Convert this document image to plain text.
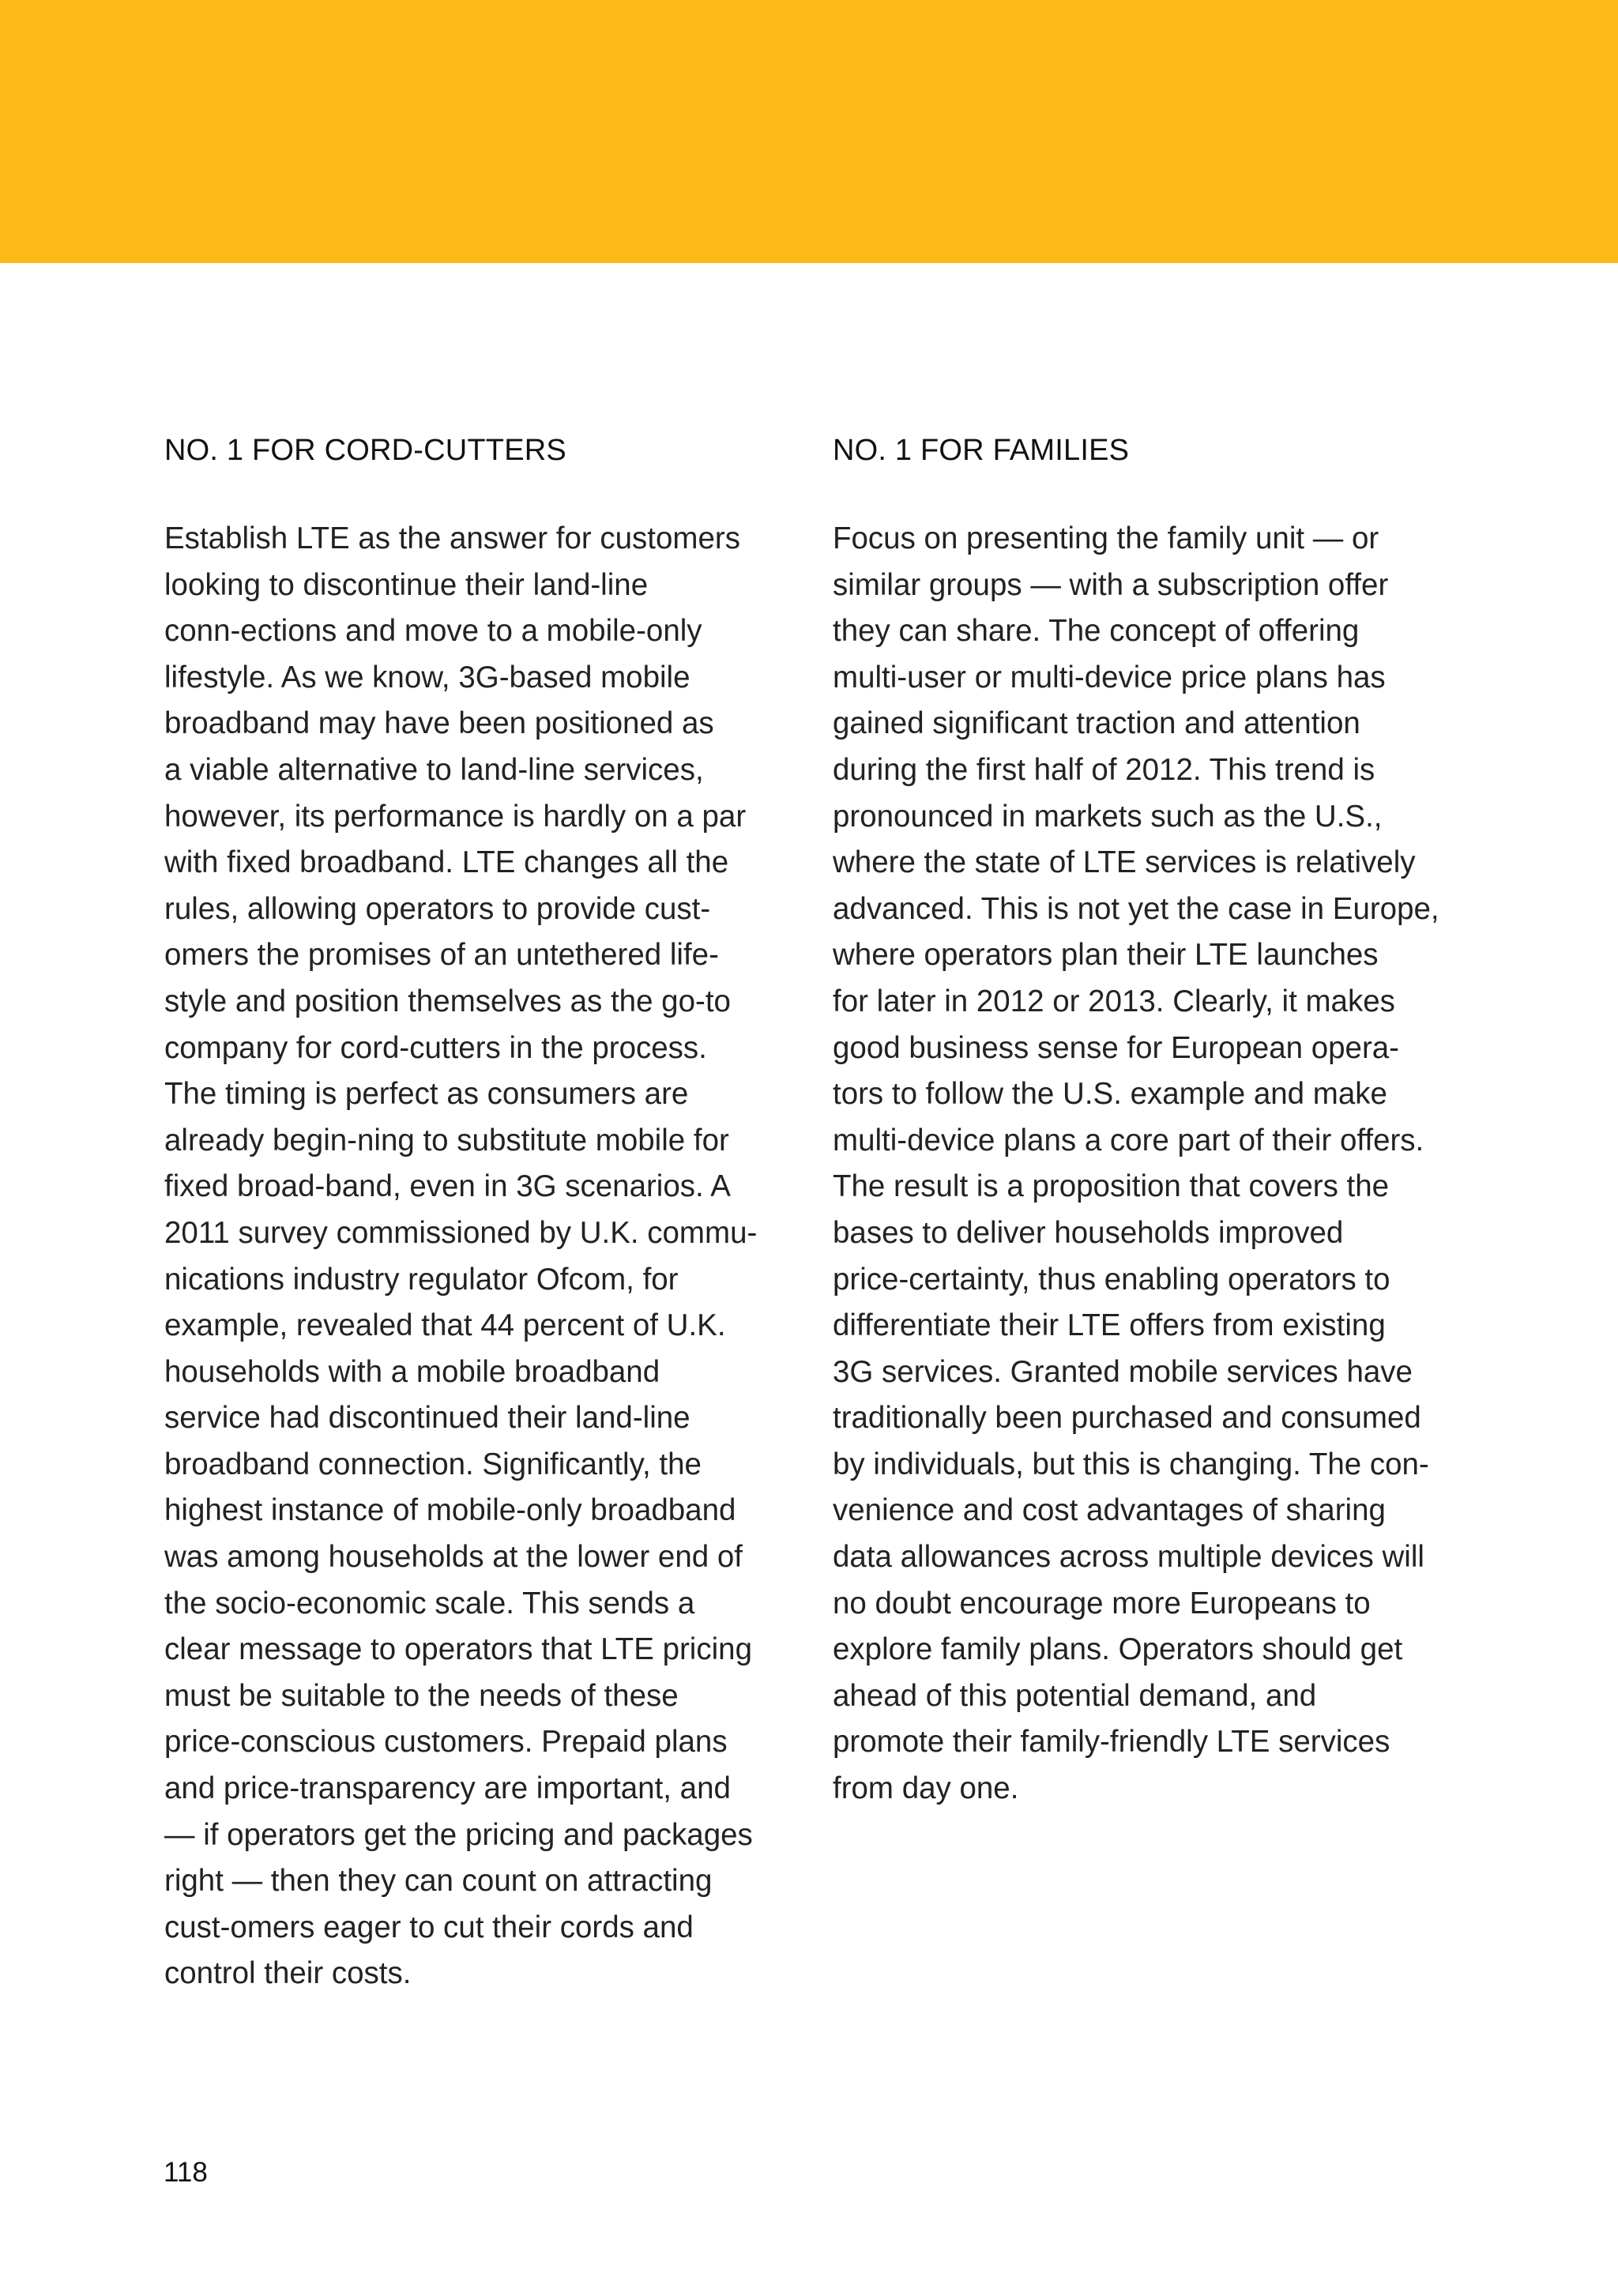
NO. 1 FOR CORD-CUTTERS

Establish LTE as the answer for customers
looking to discontinue their land-line
conn-ections and move to a mobile-only
lifestyle. As we know, 3G-based mobile
broadband may have been positioned as
a viable alternative to land-line services,
however, its performance is hardly on a par
with fixed broadband. LTE changes all the
rules, allowing operators to provide cust-
omers the promises of an untethered life-
style and position themselves as the go-to
company for cord-cutters in the process.
The timing is perfect as consumers are
already begin-ning to substitute mobile for
fixed broad-band, even in 3G scenarios. A
2011 survey commissioned by U.K. commu-
nications industry regulator Ofcom, for
example, revealed that 44 percent of U.K.
households with a mobile broadband
service had discontinued their land-line
broadband connection. Significantly, the
highest instance of mobile-only broadband
was among households at the lower end of
the socio-economic scale. This sends a
clear message to operators that LTE pricing
must be suitable to the needs of these
price-conscious customers. Prepaid plans
and price-transparency are important, and
— if operators get the pricing and packages
right — then they can count on attracting
cust-omers eager to cut their cords and
control their costs.

NO. 1 FOR FAMILIES

Focus on presenting the family unit — or
similar groups — with a subscription offer
they can share. The concept of offering
multi-user or multi-device price plans has
gained significant traction and attention
during the first half of 2012. This trend is
pronounced in markets such as the U.S.,
where the state of LTE services is relatively
advanced. This is not yet the case in Europe,
where operators plan their LTE launches
for later in 2012 or 2013. Clearly, it makes
good business sense for European opera-
tors to follow the U.S. example and make
multi-device plans a core part of their offers.
The result is a proposition that covers the
bases to deliver households improved
price-certainty, thus enabling operators to
differentiate their LTE offers from existing
3G services. Granted mobile services have
traditionally been purchased and consumed
by individuals, but this is changing. The con-
venience and cost advantages of sharing
data allowances across multiple devices will
no doubt encourage more Europeans to
explore family plans. Operators should get
ahead of this potential demand, and
promote their family-friendly LTE services
from day one.

118
